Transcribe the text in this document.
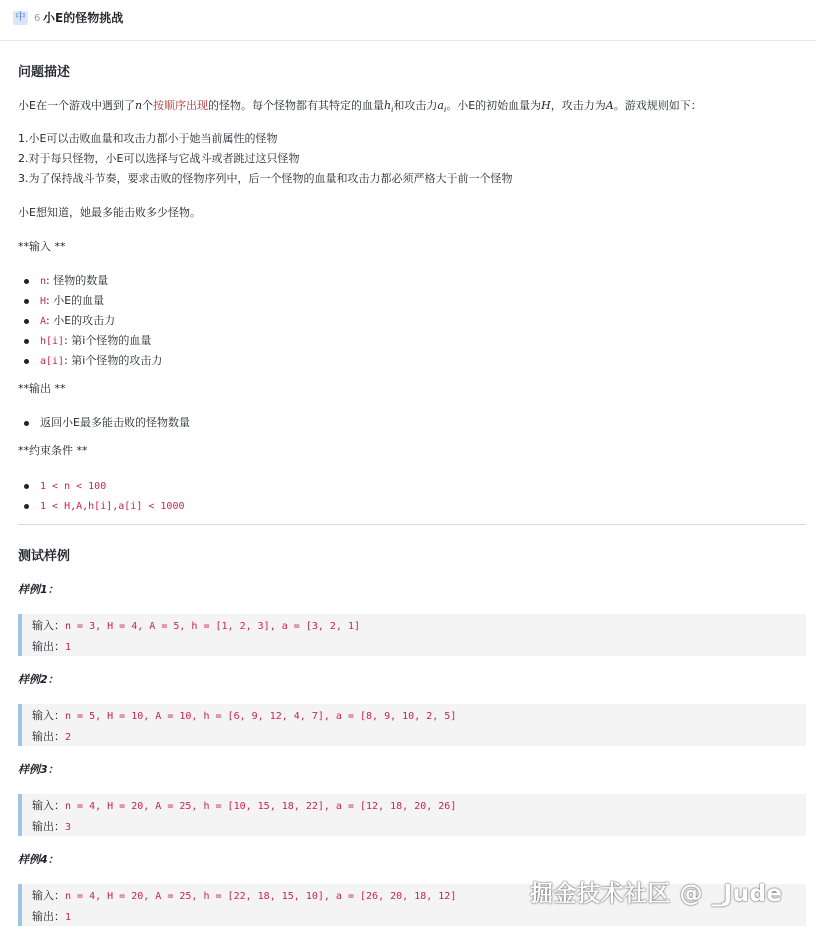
中 6 小E的怪物挑战
问题描述
小E在一个游戏中遇到了n个按顺序出现的怪物。每个怪物都有其特定的血量$h_i$和攻击力$a_i$。小E的初始血量为H，攻击力为A。游戏规则如下：
1.小E可以击败血量和攻击力都小于她当前属性的怪物
2.对于每只怪物，小E可以选择与它战斗或者跳过这只怪物
3.为了保持战斗节奏，要求击败的怪物序列中，后一个怪物的血量和攻击力都必须严格大于前一个怪物
小E想知道，她最多能击败多少怪物。
**输入 **
n: 怪物的数量
H: 小E的血量
A: 小E的攻击力
h[i]: 第i个怪物的血量
a[i]: 第i个怪物的攻击力
**输出 **
返回小E最多能击败的怪物数量
**约束条件 **
1 < n < 100
1 < H,A,h[i],a[i] < 1000
测试样例
样例1：
输入：n = 3, H = 4, A = 5, h = [1, 2, 3], a = [3, 2, 1]
输出：1
样例2：
输入：n = 5, H = 10, A = 10, h = [6, 9, 12, 4, 7], a = [8, 9, 10, 2, 5]
输出：2
样例3：
输入：n = 4, H = 20, A = 25, h = [10, 15, 18, 22], a = [12, 18, 20, 26]
输出：3
样例4：
输入：n = 4, H = 20, A = 25, h = [22, 18, 15, 10], a = [26, 20, 18, 12]
输出：1
掘金技术社区 @ _Jude
